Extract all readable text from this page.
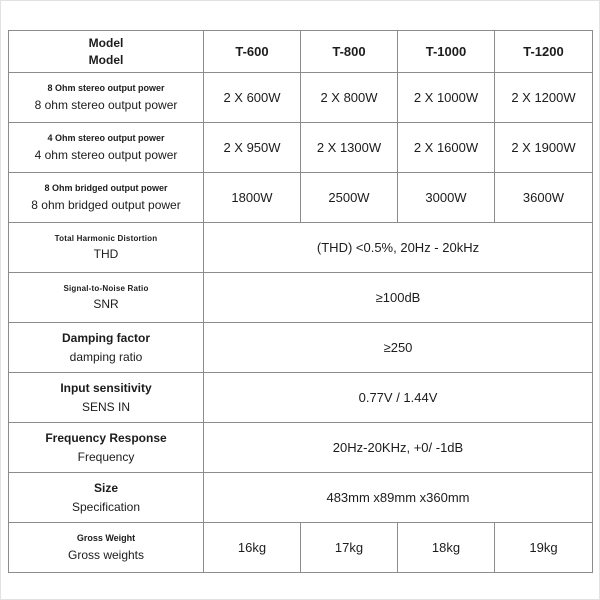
Model
Model	T-600	T-800	T-1000	T-1200

8 Ohm stereo output power
8 ohm stereo output power	2 X 600W	2 X 800W	2 X 1000W	2 X 1200W

4 Ohm stereo output power
4 ohm stereo output power	2 X 950W	2 X 1300W	2 X 1600W	2 X 1900W

8 Ohm bridged output power
8 ohm bridged output power	1800W	2500W	3000W	3600W

Total Harmonic Distortion
THD	(THD) <0.5%, 20Hz - 20kHz			

Signal-to-Noise Ratio
SNR	≥100dB			

Damping factor
damping ratio	≥250			

Input sensitivity
SENS IN	0.77V / 1.44V			

Frequency Response
Frequency	20Hz-20KHz, +0/ -1dB			

Size
Specification	483mm x89mm x360mm			

Gross Weight
Gross weights	16kg	17kg	18kg	19kg
